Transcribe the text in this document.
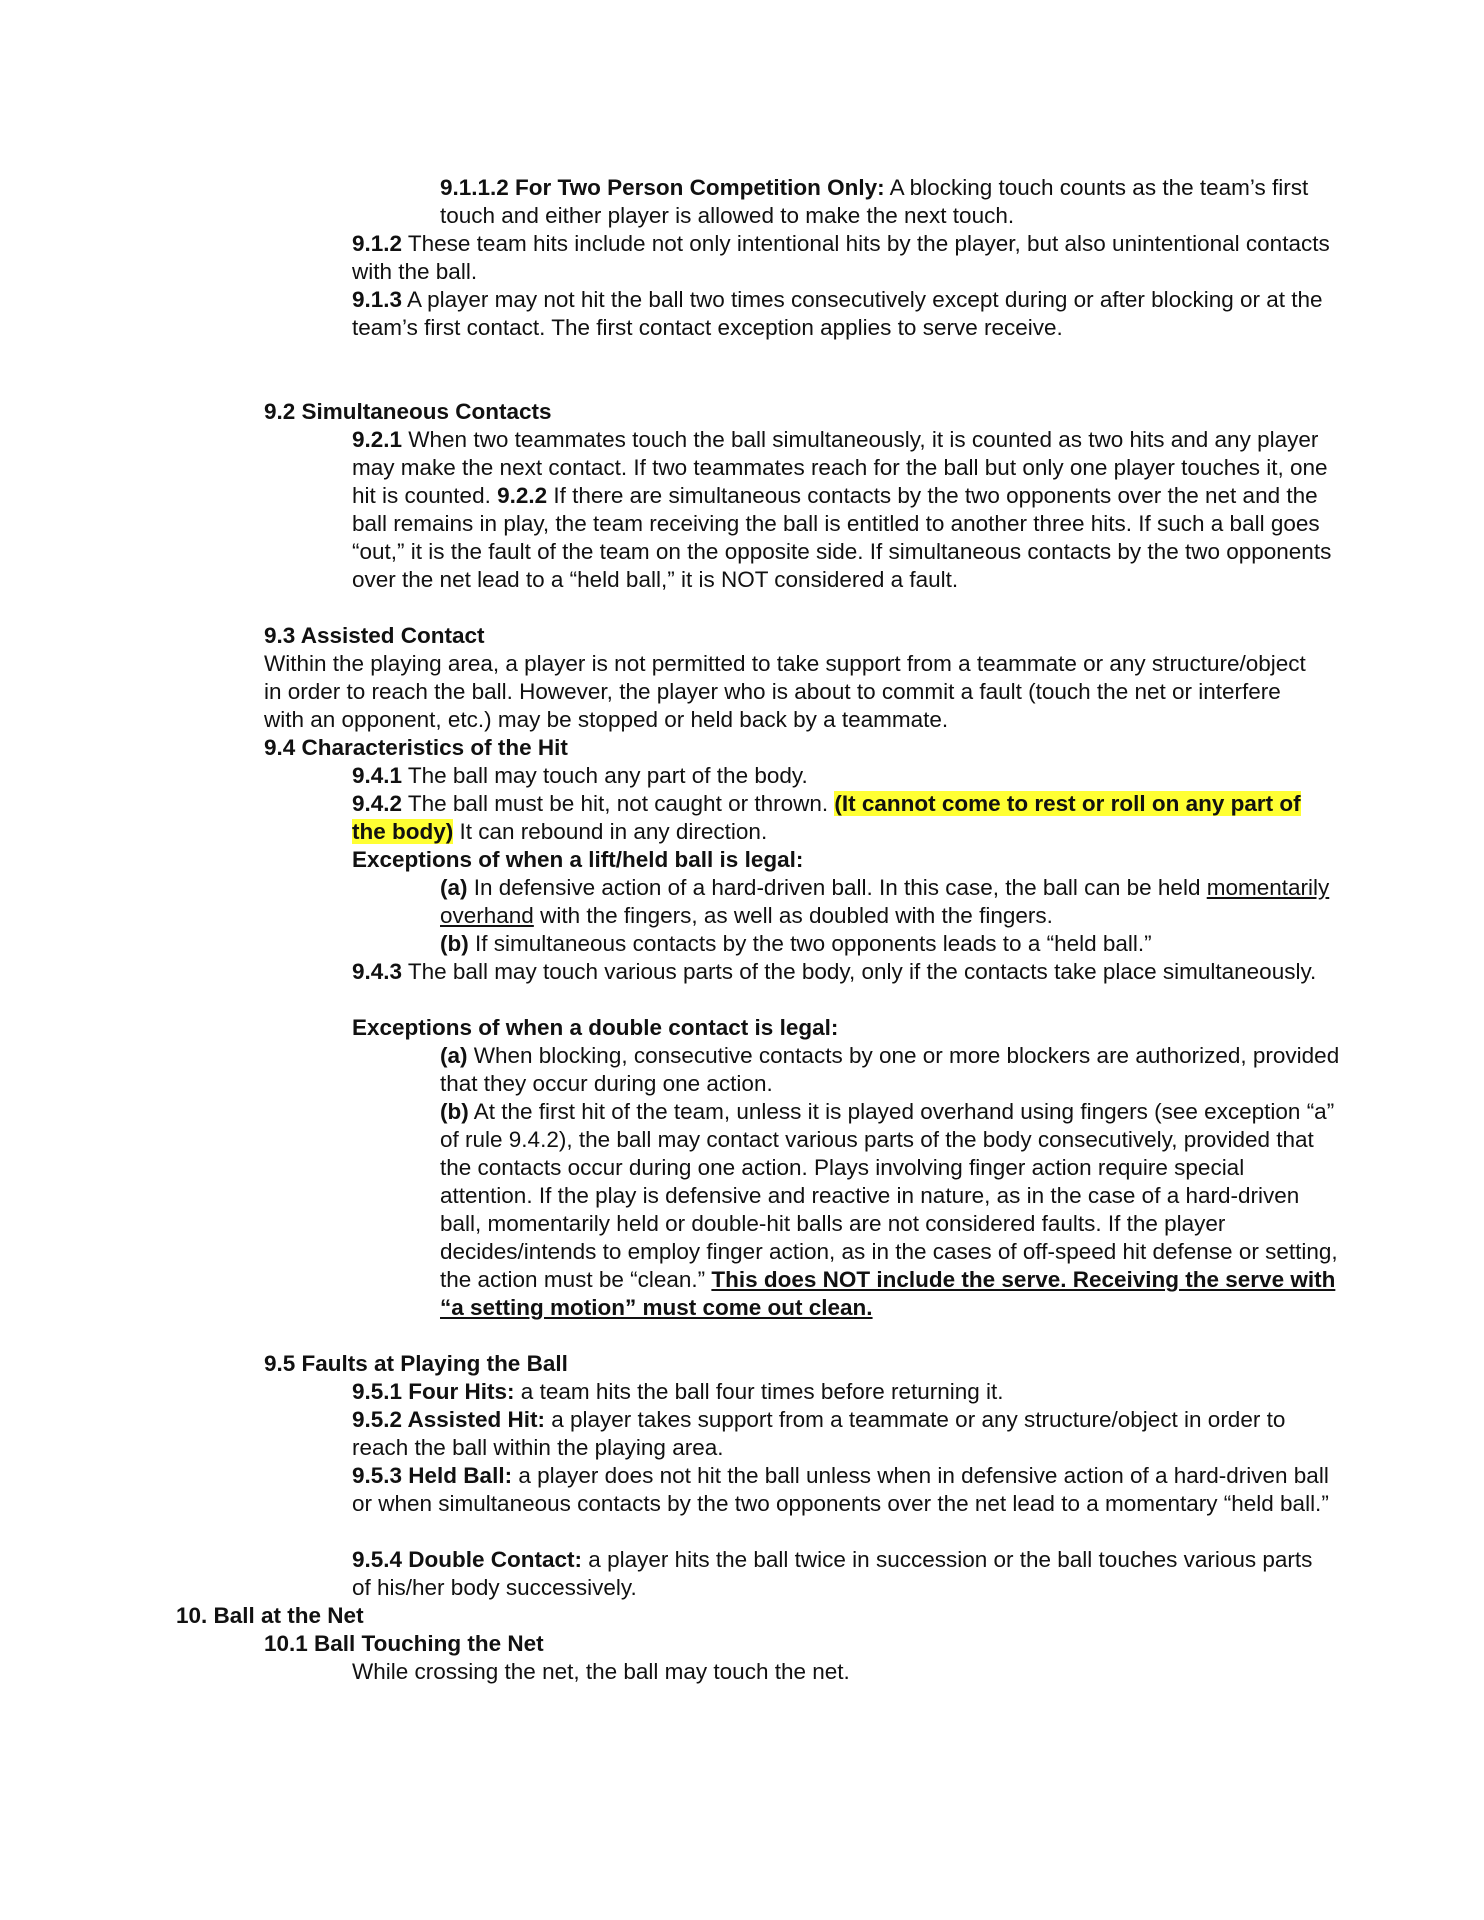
9.1.1.2 For Two Person Competition Only: A blocking touch counts as the team’s first touch and either player is allowed to make the next touch.

9.1.2 These team hits include not only intentional hits by the player, but also unintentional contacts with the ball.

9.1.3 A player may not hit the ball two times consecutively except during or after blocking or at the team’s first contact. The first contact exception applies to serve receive.

9.2 Simultaneous Contacts

9.2.1 When two teammates touch the ball simultaneously, it is counted as two hits and any player may make the next contact. If two teammates reach for the ball but only one player touches it, one hit is counted. 9.2.2 If there are simultaneous contacts by the two opponents over the net and the ball remains in play, the team receiving the ball is entitled to another three hits. If such a ball goes “out,” it is the fault of the team on the opposite side. If simultaneous contacts by the two opponents over the net lead to a “held ball,” it is NOT considered a fault.

9.3 Assisted Contact

Within the playing area, a player is not permitted to take support from a teammate or any structure/object in order to reach the ball. However, the player who is about to commit a fault (touch the net or interfere with an opponent, etc.) may be stopped or held back by a teammate.

9.4 Characteristics of the Hit

9.4.1 The ball may touch any part of the body.

9.4.2 The ball must be hit, not caught or thrown. (It cannot come to rest or roll on any part of the body) It can rebound in any direction.

Exceptions of when a lift/held ball is legal:

(a) In defensive action of a hard-driven ball. In this case, the ball can be held momentarily overhand with the fingers, as well as doubled with the fingers.

(b) If simultaneous contacts by the two opponents leads to a “held ball.”

9.4.3 The ball may touch various parts of the body, only if the contacts take place simultaneously.

Exceptions of when a double contact is legal:

(a) When blocking, consecutive contacts by one or more blockers are authorized, provided that they occur during one action.

(b) At the first hit of the team, unless it is played overhand using fingers (see exception “a” of rule 9.4.2), the ball may contact various parts of the body consecutively, provided that the contacts occur during one action. Plays involving finger action require special attention. If the play is defensive and reactive in nature, as in the case of a hard-driven ball, momentarily held or double-hit balls are not considered faults. If the player decides/intends to employ finger action, as in the cases of off-speed hit defense or setting, the action must be “clean.” This does NOT include the serve. Receiving the serve with “a setting motion” must come out clean.

9.5 Faults at Playing the Ball

9.5.1 Four Hits: a team hits the ball four times before returning it.

9.5.2 Assisted Hit: a player takes support from a teammate or any structure/object in order to reach the ball within the playing area.

9.5.3 Held Ball: a player does not hit the ball unless when in defensive action of a hard-driven ball or when simultaneous contacts by the two opponents over the net lead to a momentary “held ball.”

9.5.4 Double Contact: a player hits the ball twice in succession or the ball touches various parts of his/her body successively.

10. Ball at the Net

10.1 Ball Touching the Net

While crossing the net, the ball may touch the net.
